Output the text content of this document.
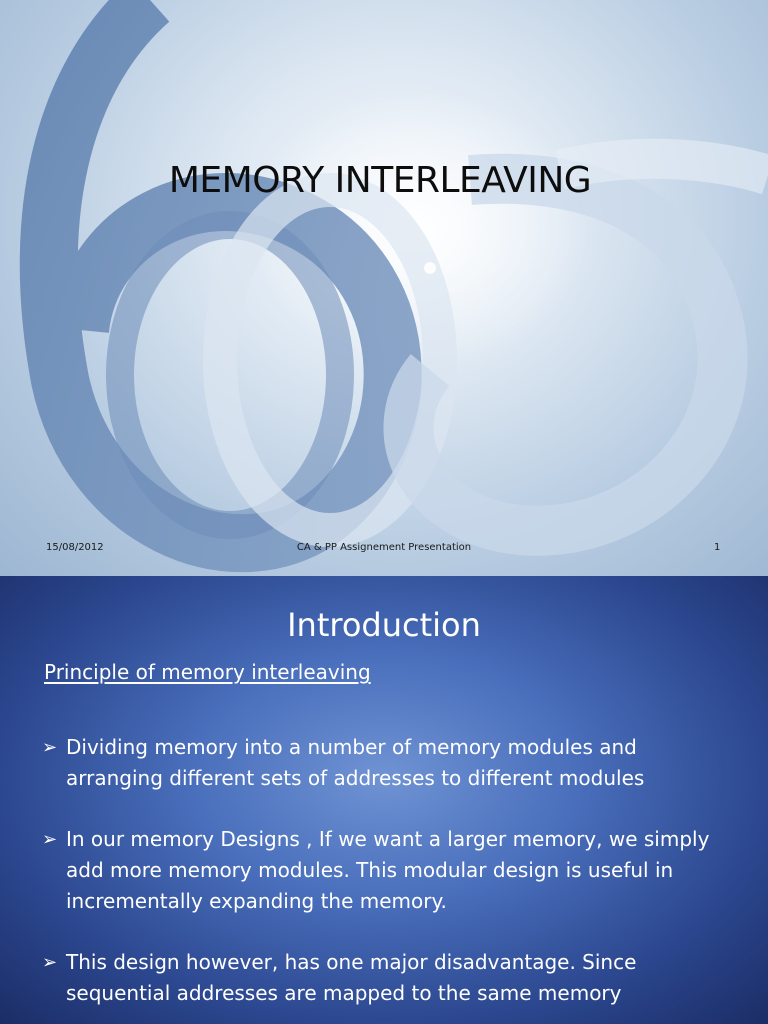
MEMORY INTERLEAVING
15/08/2012	CA & PP Assignement Presentation	1
Introduction
Principle of memory interleaving
➢ Dividing memory into a number of memory modules and arranging different sets of addresses to different modules
➢ In our memory Designs , If we want a larger memory, we simply add more memory modules. This modular design is useful in incrementally expanding the memory.
➢ This design however, has one major disadvantage. Since sequential addresses are mapped to the same memory
